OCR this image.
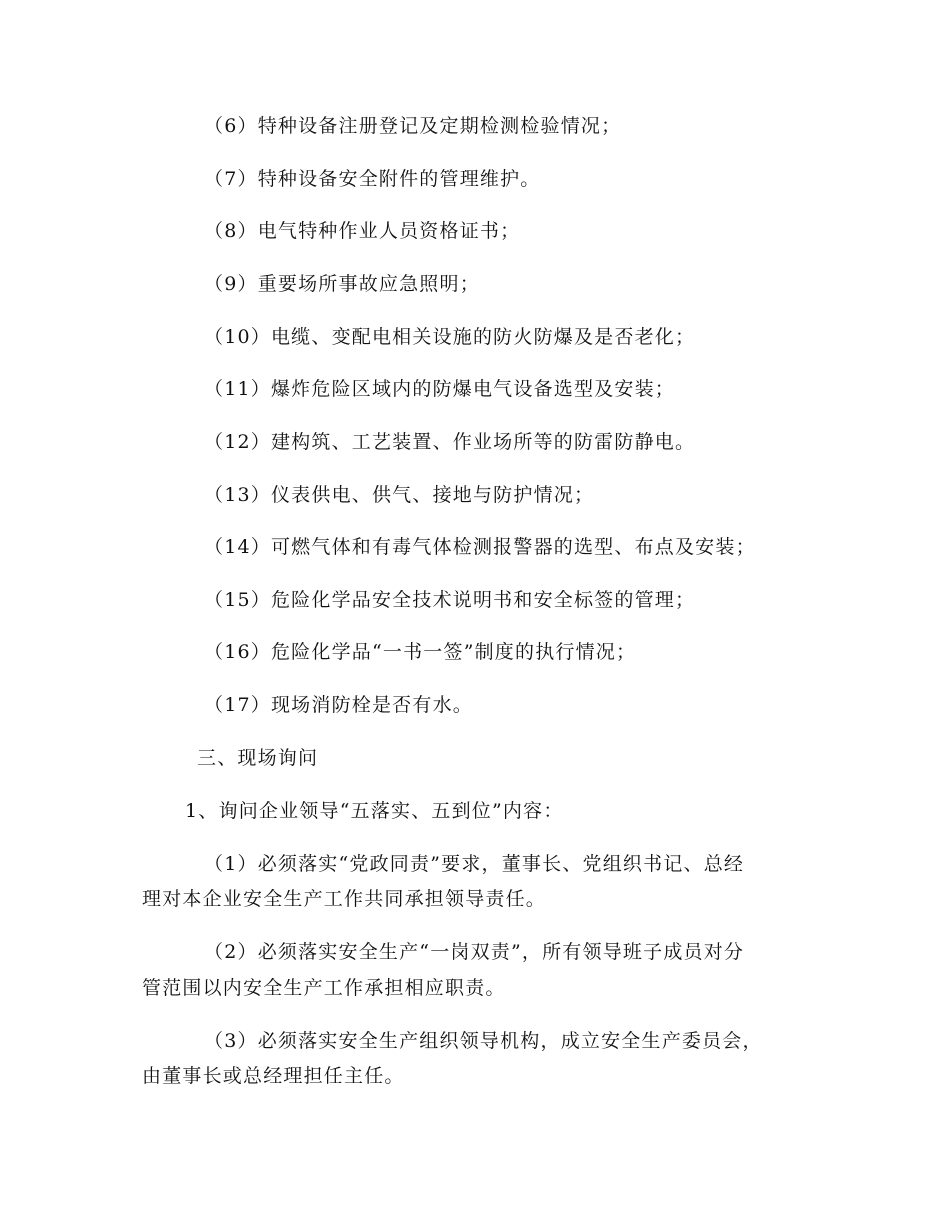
（6）特种设备注册登记及定期检测检验情况；
（7）特种设备安全附件的管理维护。
（8）电气特种作业人员资格证书；
（9）重要场所事故应急照明；
（10）电缆、变配电相关设施的防火防爆及是否老化；
（11）爆炸危险区域内的防爆电气设备选型及安装；
（12）建构筑、工艺装置、作业场所等的防雷防静电。
（13）仪表供电、供气、接地与防护情况；
（14）可燃气体和有毒气体检测报警器的选型、布点及安装；
（15）危险化学品安全技术说明书和安全标签的管理；
（16）危险化学品“一书一签”制度的执行情况；
（17）现场消防栓是否有水。
三、现场询问
1、询问企业领导“五落实、五到位”内容：
（1）必须落实“党政同责”要求，董事长、党组织书记、总经
理对本企业安全生产工作共同承担领导责任。
（2）必须落实安全生产“一岗双责”，所有领导班子成员对分
管范围以内安全生产工作承担相应职责。
（3）必须落实安全生产组织领导机构，成立安全生产委员会，
由董事长或总经理担任主任。
